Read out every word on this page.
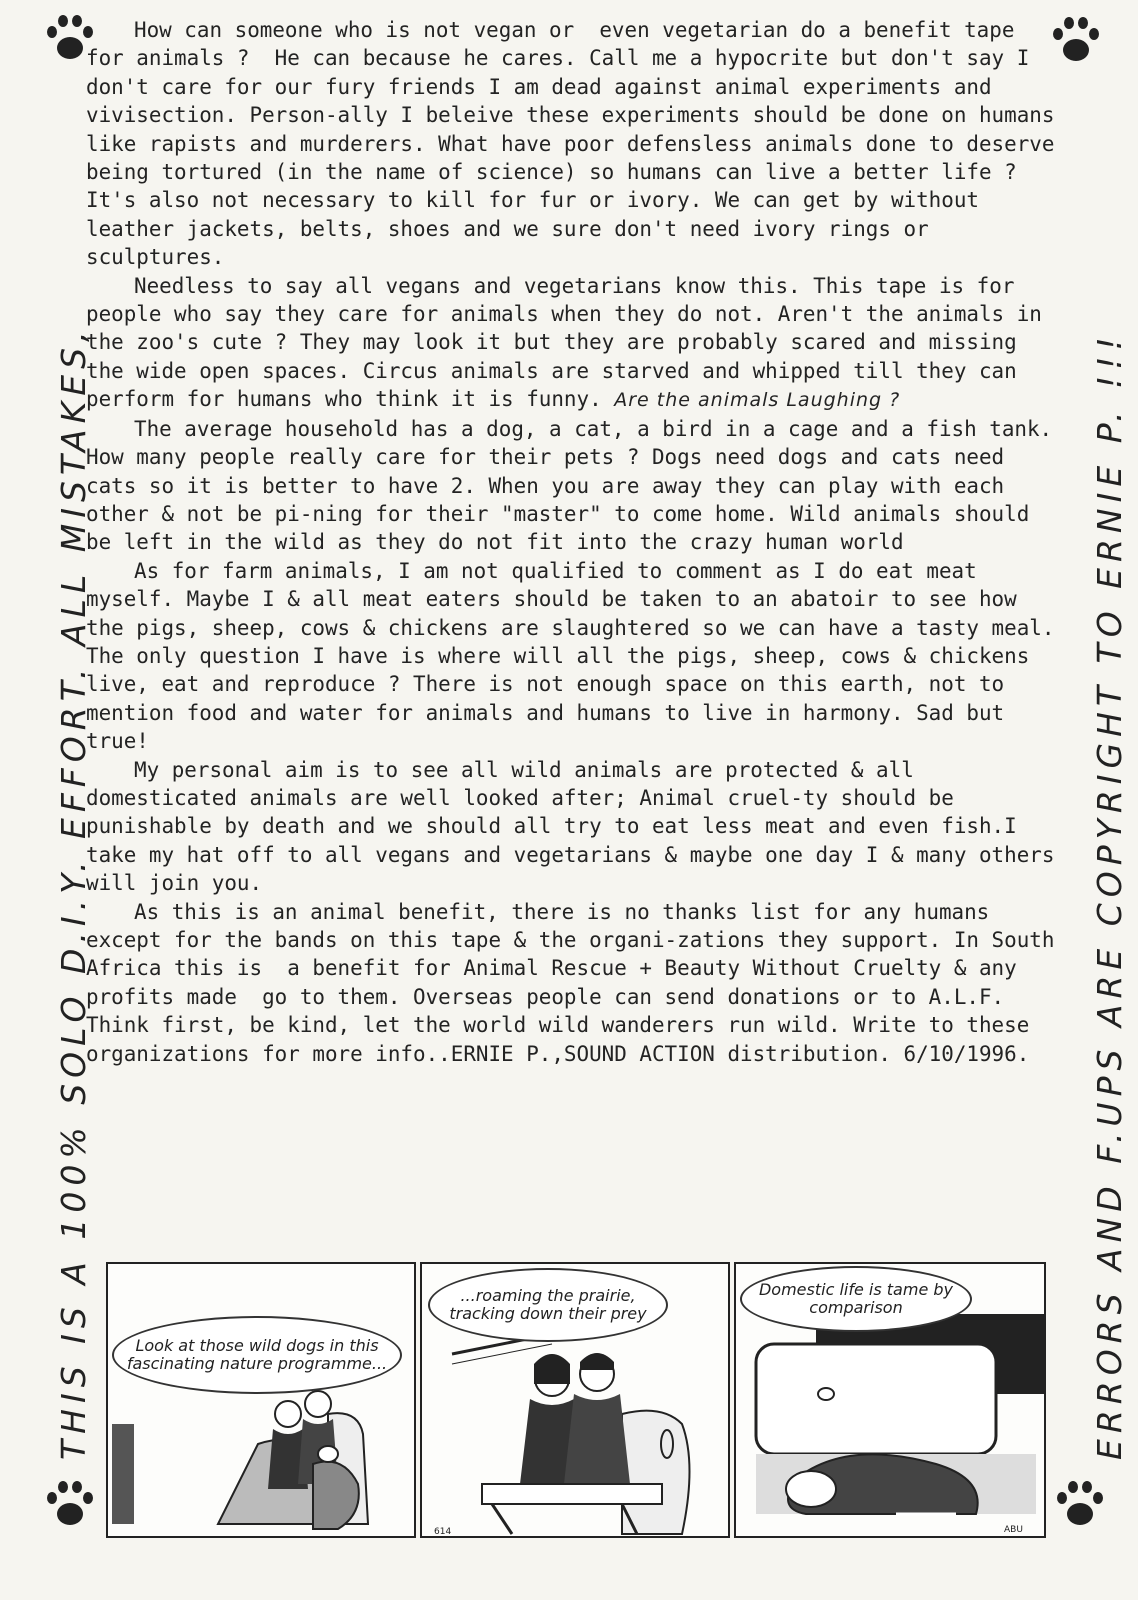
THIS IS A 100% SOLO D.I.Y. EFFORT. ALL MISTAKES,	ERRORS AND F.UPS ARE COPYRIGHT TO ERNIE P. !!!

How can someone who is not vegan or  even vegetarian do a benefit tape for animals ?  He can because he cares. Call me a hypocrite but don't say I don't care for our fury friends I am dead against animal experiments and vivisection. Person-ally I beleive these experiments should be done on humans like rapists and murderers. What have poor defensless animals done to deserve being tortured (in the name of science) so humans can live a better life ? It's also not necessary to kill for fur or ivory. We can get by without leather jackets, belts, shoes and we sure don't need ivory rings or sculptures.

Needless to say all vegans and vegetarians know this. This tape is for people who say they care for animals when they do not. Aren't the animals in the zoo's cute ? They may look it but they are probably scared and missing the wide open spaces. Circus animals are starved and whipped till they can perform for humans who think it is funny. Are the animals Laughing ?

The average household has a dog, a cat, a bird in a cage and a fish tank. How many people really care for their pets ? Dogs need dogs and cats need cats so it is better to have 2. When you are away they can play with each other & not be pi-ning for their "master" to come home. Wild animals should be left in the wild as they do not fit into the crazy human world

As for farm animals, I am not qualified to comment as I do eat meat myself. Maybe I & all meat eaters should be taken to an abatoir to see how the pigs, sheep, cows & chickens are slaughtered so we can have a tasty meal. The only question I have is where will all the pigs, sheep, cows & chickens live, eat and reproduce ? There is not enough space on this earth, not to mention food and water for animals and humans to live in harmony. Sad but true!

My personal aim is to see all wild animals are protected & all domesticated animals are well looked after; Animal cruel-ty should be punishable by death and we should all try to eat less meat and even fish.I take my hat off to all vegans and vegetarians & maybe one day I & many others will join you.

As this is an animal benefit, there is no thanks list for any humans except for the bands on this tape & the organi-zations they support. In South Africa this is  a benefit for Animal Rescue + Beauty Without Cruelty & any profits made  go to them. Overseas people can send donations or to A.L.F. Think first, be kind, let the world wild wanderers run wild. Write to these organizations for more info..ERNIE P.,SOUND ACTION distribution. 6/10/1996.

Look at those wild dogs in this fascinating nature programme...
614
...roaming the prairie, tracking down their prey
ABU
Domestic life is tame by comparison
